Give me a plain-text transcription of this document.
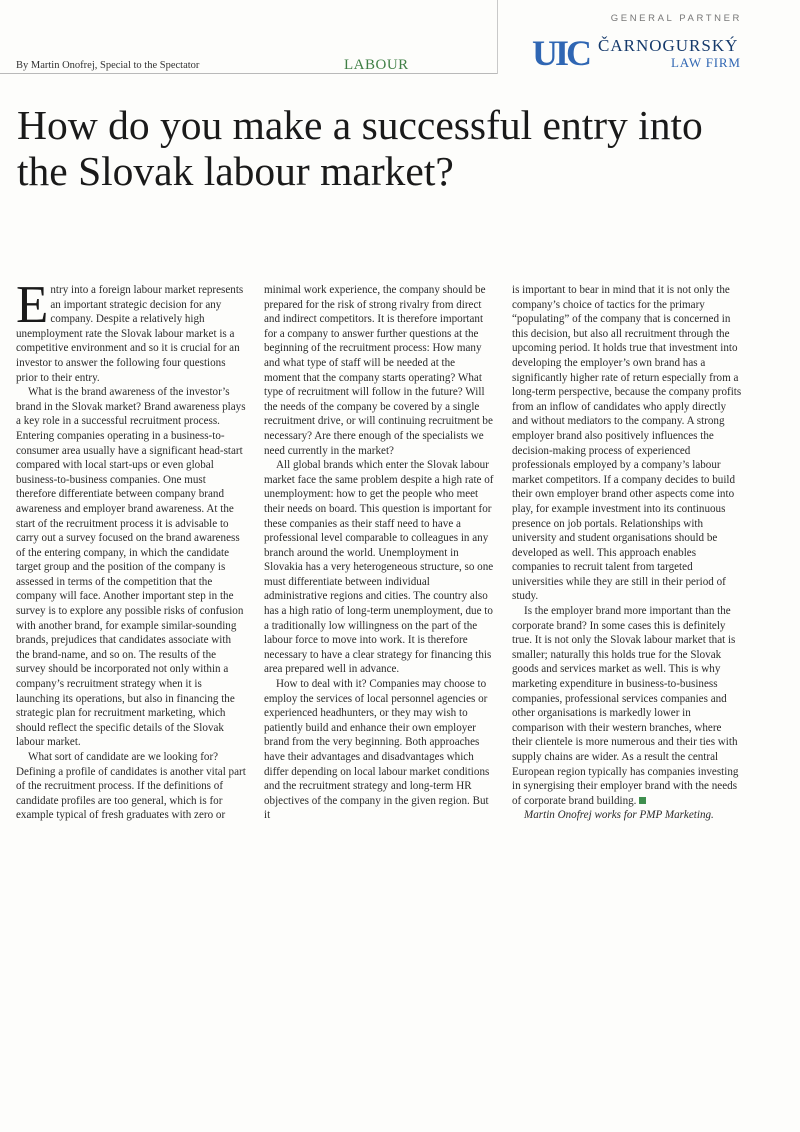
By Martin Onofrej, Special to the Spectator	LABOUR
GENERAL PARTNER
UIC ČARNOGURSKÝ
LAW FIRM
How do you make a successful entry into the Slovak labour market?

Entry into a foreign labour market represents an important strategic decision for any company. Despite a relatively high unemployment rate the Slovak labour market is a competitive environment and so it is crucial for an investor to answer the following four questions prior to their entry.

What is the brand awareness of the investor’s brand in the Slovak market? Brand awareness plays a key role in a successful recruitment process. Entering companies operating in a business-to-consumer area usually have a significant head-start compared with local start-ups or even global business-to-business companies. One must therefore differentiate between company brand awareness and employer brand awareness. At the start of the recruitment process it is advisable to carry out a survey focused on the brand awareness of the entering company, in which the candidate target group and the position of the company is assessed in terms of the competition that the company will face. Another important step in the survey is to explore any possible risks of confusion with another brand, for example similar-sounding brands, prejudices that candidates associate with the brand-name, and so on. The results of the survey should be incorporated not only within a company’s recruitment strategy when it is launching its operations, but also in financing the strategic plan for recruitment marketing, which should reflect the specific details of the Slovak labour market.

What sort of candidate are we looking for? Defining a profile of candidates is another vital part of the recruitment process. If the definitions of candidate profiles are too general, which is for example typical of fresh graduates with zero or

minimal work experience, the company should be prepared for the risk of strong rivalry from direct and indirect competitors. It is therefore important for a company to answer further questions at the beginning of the recruitment process: How many and what type of staff will be needed at the moment that the company starts operating? What type of recruitment will follow in the future? Will the needs of the company be covered by a single recruitment drive, or will continuing recruitment be necessary? Are there enough of the specialists we need currently in the market?

All global brands which enter the Slovak labour market face the same problem despite a high rate of unemployment: how to get the people who meet their needs on board. This question is important for these companies as their staff need to have a professional level comparable to colleagues in any branch around the world. Unemployment in Slovakia has a very heterogeneous structure, so one must differentiate between individual administrative regions and cities. The country also has a high ratio of long-term unemployment, due to a traditionally low willingness on the part of the labour force to move into work. It is therefore necessary to have a clear strategy for financing this area prepared well in advance.

How to deal with it? Companies may choose to employ the services of local personnel agencies or experienced headhunters, or they may wish to patiently build and enhance their own employer brand from the very beginning. Both approaches have their advantages and disadvantages which differ depending on local labour market conditions and the recruitment strategy and long-term HR objectives of the company in the given region. But it

is important to bear in mind that it is not only the company’s choice of tactics for the primary “populating” of the company that is concerned in this decision, but also all recruitment through the upcoming period. It holds true that investment into developing the employer’s own brand has a significantly higher rate of return especially from a long-term perspective, because the company profits from an inflow of candidates who apply directly and without mediators to the company. A strong employer brand also positively influences the decision-making process of experienced professionals employed by a company’s labour market competitors. If a company decides to build their own employer brand other aspects come into play, for example investment into its continuous presence on job portals. Relationships with university and student organisations should be developed as well. This approach enables companies to recruit talent from targeted universities while they are still in their period of study.

Is the employer brand more important than the corporate brand? In some cases this is definitely true. It is not only the Slovak labour market that is smaller; naturally this holds true for the Slovak goods and services market as well. This is why marketing expenditure in business-to-business companies, professional services companies and other organisations is markedly lower in comparison with their western branches, where their clientele is more numerous and their ties with supply chains are wider. As a result the central European region typically has companies investing in synergising their employer brand with the needs of corporate brand building.

Martin Onofrej works for PMP Marketing.
